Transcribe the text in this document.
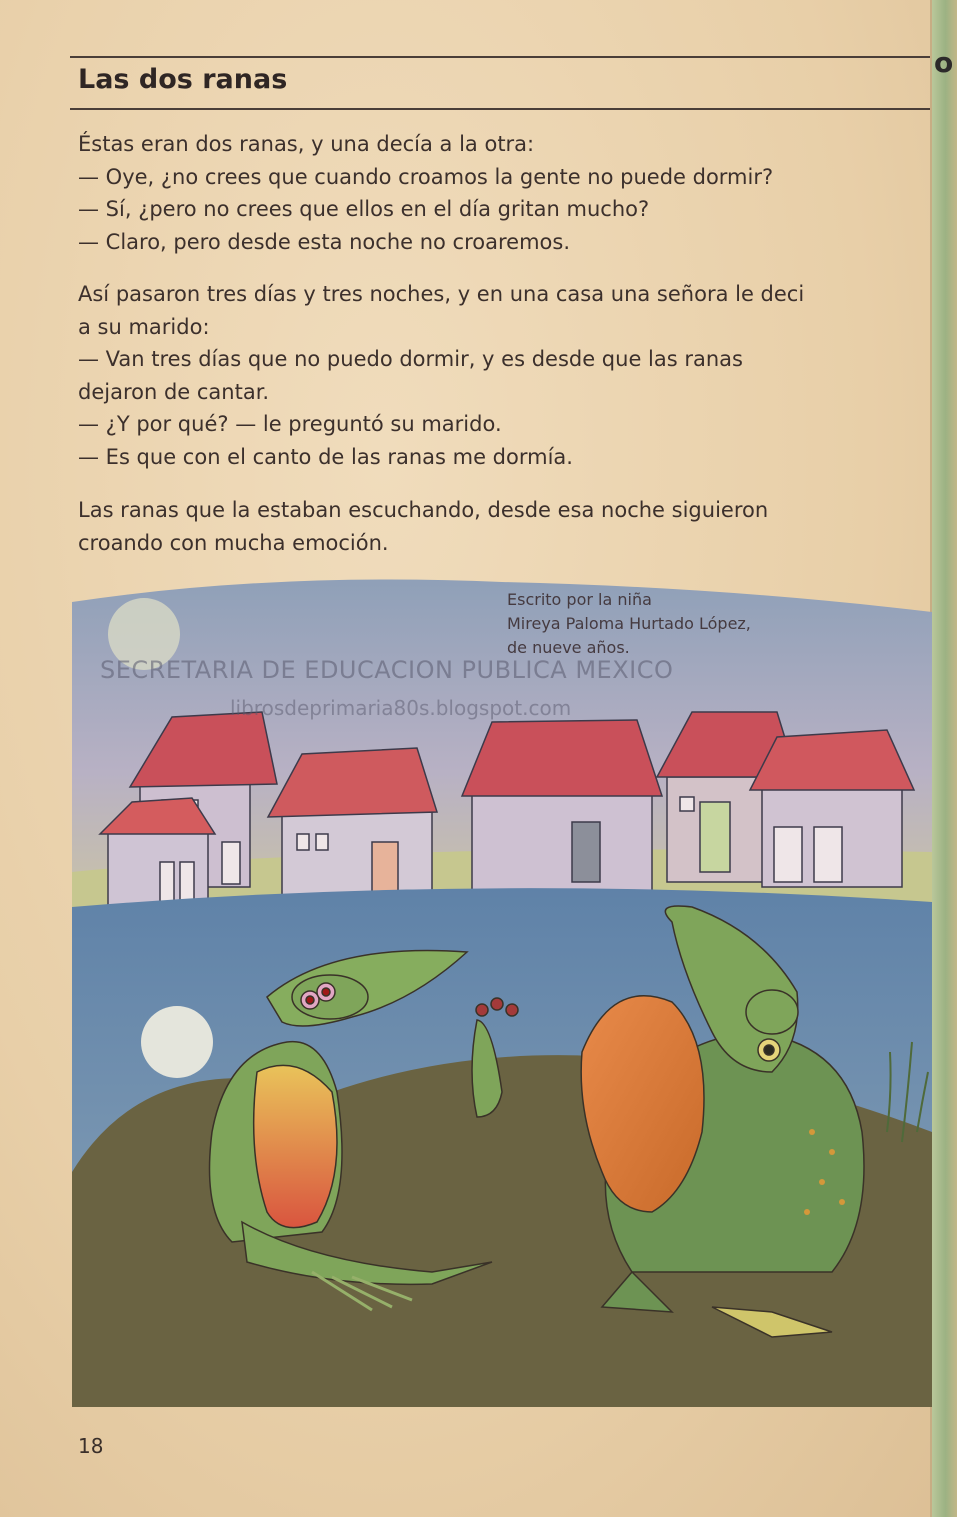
o
Las dos ranas
Éstas eran dos ranas, y una decía a la otra:
— Oye, ¿no crees que cuando croamos la gente no puede dormir?
— Sí, ¿pero no crees que ellos en el día gritan mucho?
— Claro, pero desde esta noche no croaremos.
Así pasaron tres días y tres noches, y en una casa una señora le deci
a su marido:
— Van tres días que no puedo dormir, y es desde que las ranas
dejaron de cantar.
— ¿Y por qué? — le preguntó su marido.
— Es que con el canto de las ranas me dormía.
Las ranas que la estaban escuchando, desde esa noche siguieron
croando con mucha emoción.
Escrito por la niña
Mireya Paloma Hurtado López,
de nueve años.
SECRETARIA DE EDUCACION PUBLICA MEXICO
librosdeprimaria80s.blogspot.com
18
